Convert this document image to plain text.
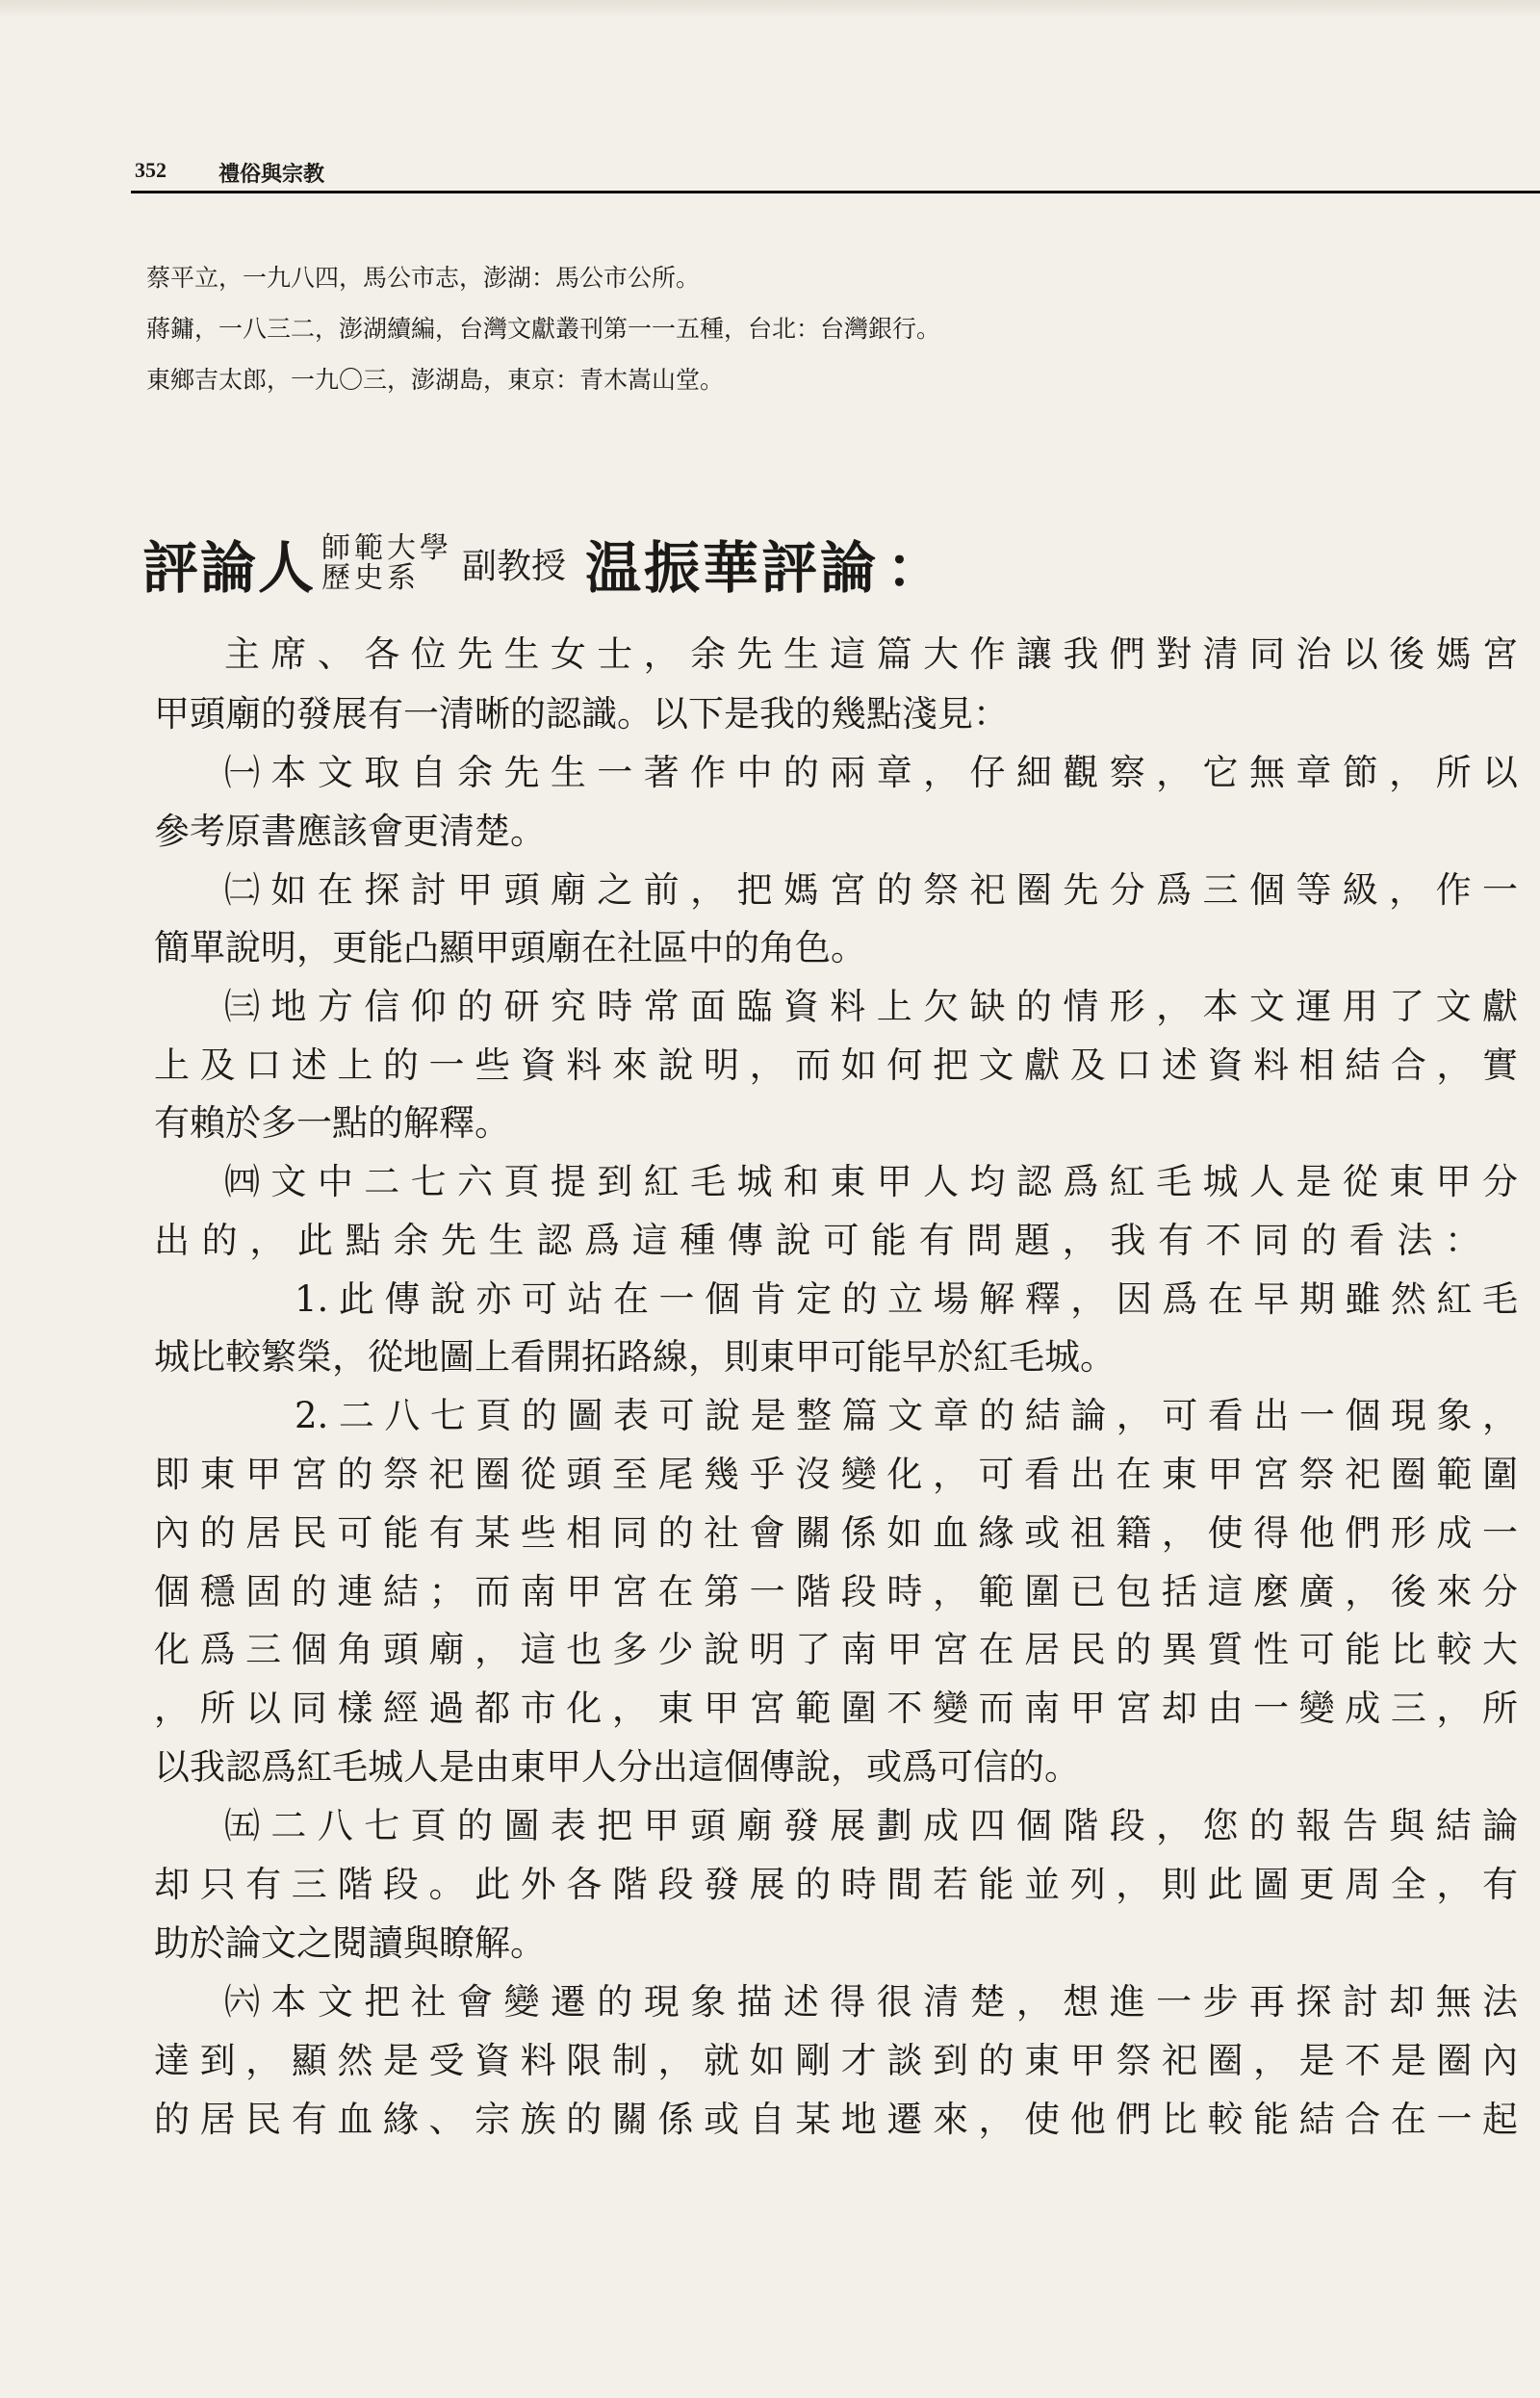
352 禮俗與宗教
蔡平立，一九八四，馬公市志，澎湖：馬公市公所。
蔣鏞，一八三二，澎湖續編，台灣文獻叢刊第一一五種，台北：台灣銀行。
東鄉吉太郎，一九〇三，澎湖島，東京：青木嵩山堂。
評論人 師範大學
歷史系	副教授 温振華評論 ：
主席、各位先生女士，余先生這篇大作讓我們對清同治以後媽宮
甲頭廟的發展有一清晰的認識。以下是我的幾點淺見：
㈠本文取自余先生一著作中的兩章，仔細觀察，它無章節，所以
參考原書應該會更清楚。
㈡如在探討甲頭廟之前，把媽宮的祭祀圈先分爲三個等級，作一
簡單說明，更能凸顯甲頭廟在社區中的角色。
㈢地方信仰的研究時常面臨資料上欠缺的情形，本文運用了文獻
上及口述上的一些資料來說明，而如何把文獻及口述資料相結合，實
有賴於多一點的解釋。
㈣文中二七六頁提到紅毛城和東甲人均認爲紅毛城人是從東甲分
出的，此點余先生認爲這種傳說可能有問題，我有不同的看法：
1.此傳說亦可站在一個肯定的立場解釋，因爲在早期雖然紅毛
城比較繁榮，從地圖上看開拓路線，則東甲可能早於紅毛城。
2.二八七頁的圖表可說是整篇文章的結論，可看出一個現象，
即東甲宮的祭祀圈從頭至尾幾乎沒變化，可看出在東甲宮祭祀圈範圍
內的居民可能有某些相同的社會關係如血緣或祖籍，使得他們形成一
個穩固的連結；而南甲宮在第一階段時，範圍已包括這麼廣，後來分
化爲三個角頭廟，這也多少說明了南甲宮在居民的異質性可能比較大
，所以同樣經過都市化，東甲宮範圍不變而南甲宮却由一變成三，所
以我認爲紅毛城人是由東甲人分出這個傳說，或爲可信的。
㈤二八七頁的圖表把甲頭廟發展劃成四個階段，您的報告與結論
却只有三階段。此外各階段發展的時間若能並列，則此圖更周全，有
助於論文之閱讀與瞭解。
㈥本文把社會變遷的現象描述得很清楚，想進一步再探討却無法
達到，顯然是受資料限制，就如剛才談到的東甲祭祀圈，是不是圈內
的居民有血緣、宗族的關係或自某地遷來，使他們比較能結合在一起
